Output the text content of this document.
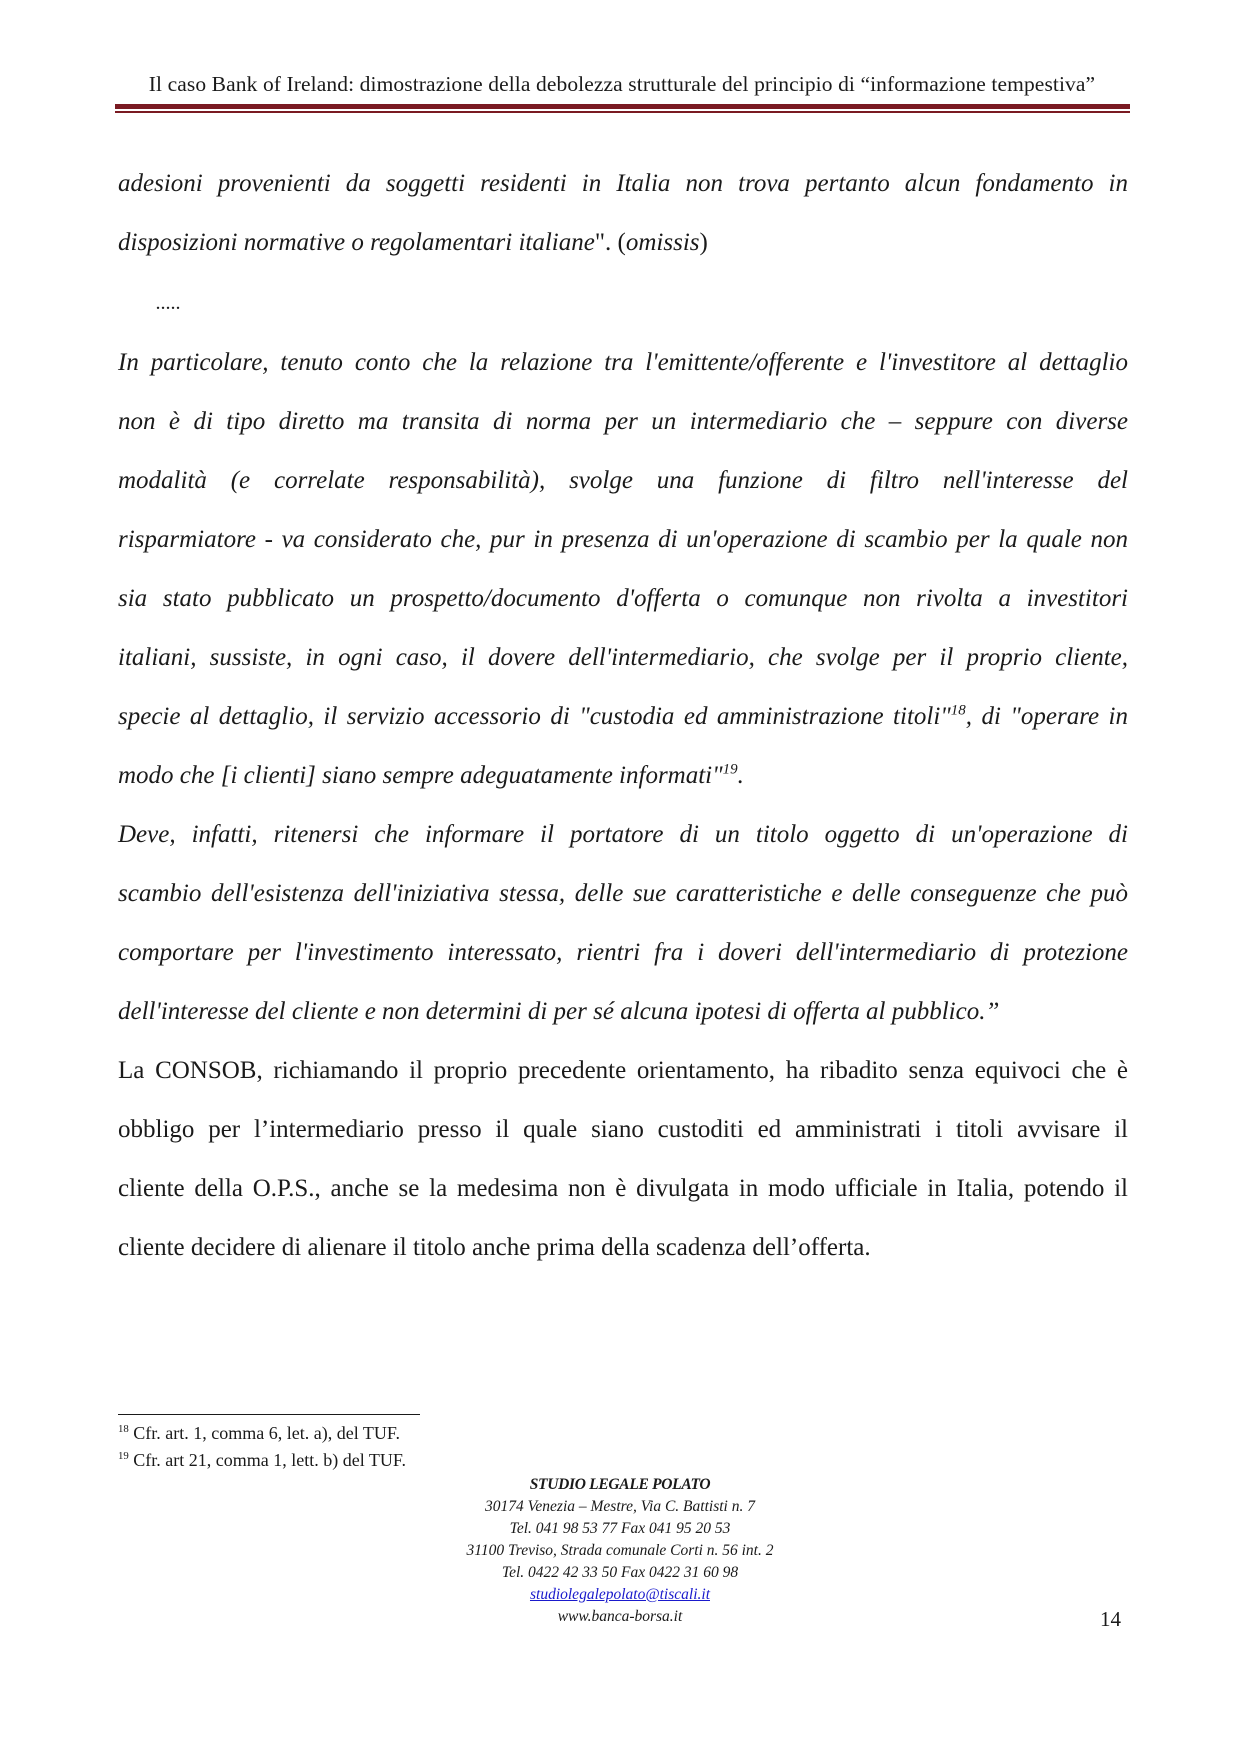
Il caso Bank of Ireland: dimostrazione della debolezza strutturale del principio di “informazione tempestiva”
adesioni provenienti da soggetti residenti in Italia non trova pertanto alcun fondamento in
disposizioni normative o regolamentari italiane". (omissis)
.....
In particolare, tenuto conto che la relazione tra l'emittente/offerente e l'investitore al dettaglio
non è di tipo diretto ma transita di norma per un intermediario che – seppure con diverse
modalità (e correlate responsabilità), svolge una funzione di filtro nell'interesse del
risparmiatore - va considerato che, pur in presenza di un'operazione di scambio per la quale non
sia stato pubblicato un prospetto/documento d'offerta o comunque non rivolta a investitori
italiani, sussiste, in ogni caso, il dovere dell'intermediario, che svolge per il proprio cliente,
specie al dettaglio, il servizio accessorio di "custodia ed amministrazione titoli"$^{18}$, di "operare in
modo che [i clienti] siano sempre adeguatamente informati"$^{19}$.
Deve, infatti, ritenersi che informare il portatore di un titolo oggetto di un'operazione di
scambio dell'esistenza dell'iniziativa stessa, delle sue caratteristiche e delle conseguenze che può
comportare per l'investimento interessato, rientri fra i doveri dell'intermediario di protezione
dell'interesse del cliente e non determini di per sé alcuna ipotesi di offerta al pubblico.”
La CONSOB, richiamando il proprio precedente orientamento, ha ribadito senza equivoci che è
obbligo per l’intermediario presso il quale siano custoditi ed amministrati i titoli avvisare il
cliente della O.P.S., anche se la medesima non è divulgata in modo ufficiale in Italia, potendo il
cliente decidere di alienare il titolo anche prima della scadenza dell’offerta.
$^{18}$ Cfr. art. 1, comma 6, let. a), del TUF.
$^{19}$ Cfr. art 21, comma 1, lett. b) del TUF.
STUDIO LEGALE POLATO
30174 Venezia – Mestre, Via C. Battisti n. 7
Tel. 041 98 53 77 Fax 041 95 20 53
31100 Treviso, Strada comunale Corti n. 56 int. 2
Tel. 0422 42 33 50 Fax 0422 31 60 98
studiolegalepolato@tiscali.it
www.banca-borsa.it	14
